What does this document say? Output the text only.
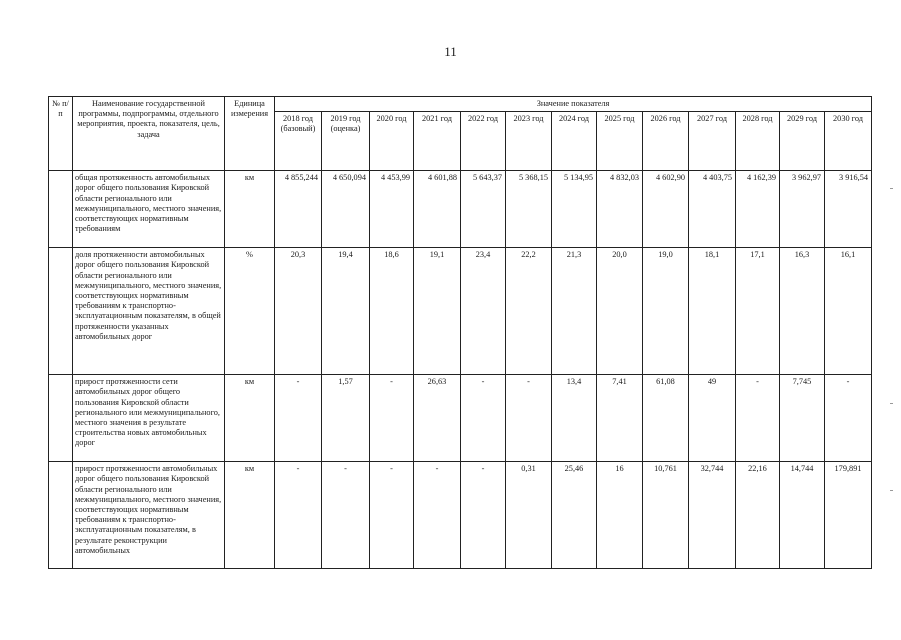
11
№ п/п	Наименование государственной программы, подпрограммы, отдельного мероприятия, проекта, показателя, цель, задача	Единица измерения	Значение показателя												
			2018 год (базовый)	2019 год (оценка)	2020 год	2021 год	2022 год	2023 год	2024 год	2025 год	2026 год	2027 год	2028 год	2029 год	2030 год
	общая протяженность автомобильных дорог общего пользования Кировской области регионального или межмуниципального, местного значения, соответствующих нормативным требованиям	км	4 855,244	4 650,094	4 453,99	4 601,88	5 643,37	5 368,15	5 134,95	4 832,03	4 602,90	4 403,75	4 162,39	3 962,97	3 916,54
	доля протяженности автомобильных дорог общего пользования Кировской области регионального или межмуниципального, местного значения, соответствующих нормативным требованиям к транспортно-эксплуатационным показателям, в общей протяженности указанных автомобильных дорог	%	20,3	19,4	18,6	19,1	23,4	22,2	21,3	20,0	19,0	18,1	17,1	16,3	16,1
	прирост протяженности сети автомобильных дорог общего пользования Кировской области регионального или межмуниципального, местного значения в результате строительства новых автомобильных дорог	км	-	1,57	-	26,63	-	-	13,4	7,41	61,08	49	-	7,745	-
	прирост протяженности автомобильных дорог общего пользования Кировской области регионального или межмуниципального, местного значения, соответствующих нормативным требованиям к транспортно-эксплуатационным показателям, в результате реконструкции автомобильных	км	-	-	-	-	-	0,31	25,46	16	10,761	32,744	22,16	14,744	179,891
